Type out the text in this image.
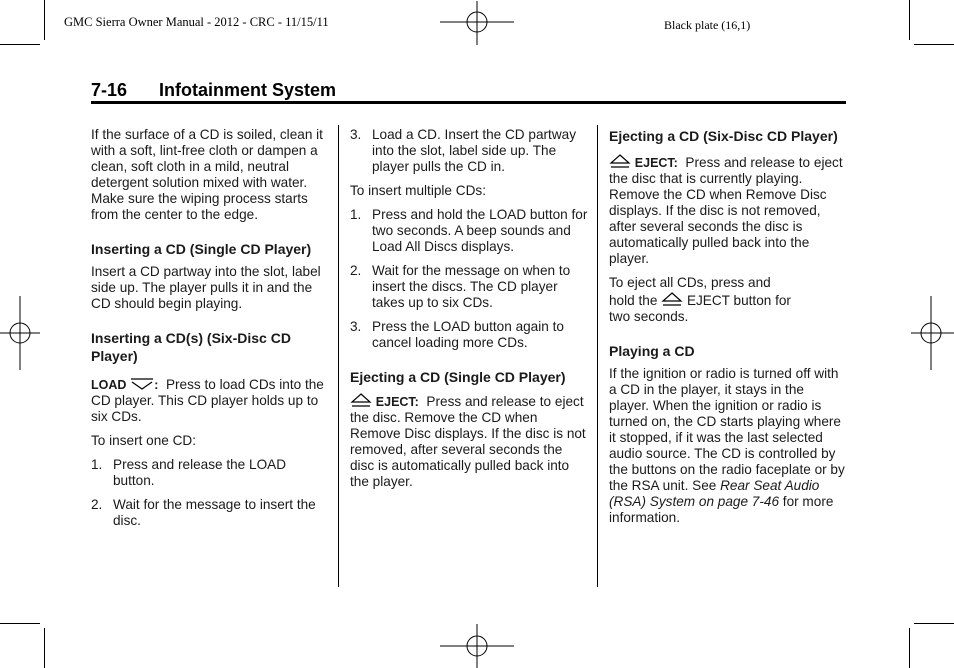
GMC Sierra Owner Manual - 2012 - CRC - 11/15/11	Black plate (16,1)
7-16 Infotainment System

If the surface of a CD is soiled, clean it with a soft, lint-free cloth or dampen a clean, soft cloth in a mild, neutral detergent solution mixed with water. Make sure the wiping process starts from the center to the edge.

Inserting a CD (Single CD Player)

Insert a CD partway into the slot, label side up. The player pulls it in and the CD should begin playing.

Inserting a CD(s) (Six-Disc CD Player)

LOAD : Press to load CDs into the CD player. This CD player holds up to six CDs.

To insert one CD:

1. Press and release the LOAD button.
2. Wait for the message to insert the disc.
3. Load a CD. Insert the CD partway into the slot, label side up. The player pulls the CD in.

To insert multiple CDs:

1. Press and hold the LOAD button for two seconds. A beep sounds and Load All Discs displays.
2. Wait for the message on when to insert the discs. The CD player takes up to six CDs.
3. Press the LOAD button again to cancel loading more CDs.
Ejecting a CD (Single CD Player)

EJECT: Press and release to eject the disc. Remove the CD when Remove Disc displays. If the disc is not removed, after several seconds the disc is automatically pulled back into the player.

Ejecting a CD (Six-Disc CD Player)

EJECT: Press and release to eject the disc that is currently playing. Remove the CD when Remove Disc displays. If the disc is not removed, after several seconds the disc is automatically pulled back into the player.

To eject all CDs, press and
hold the EJECT button for
two seconds.

Playing a CD

If the ignition or radio is turned off with a CD in the player, it stays in the player. When the ignition or radio is turned on, the CD starts playing where it stopped, if it was the last selected audio source. The CD is controlled by the buttons on the radio faceplate or by the RSA unit. See Rear Seat Audio (RSA) System on page 7-46 for more information.
